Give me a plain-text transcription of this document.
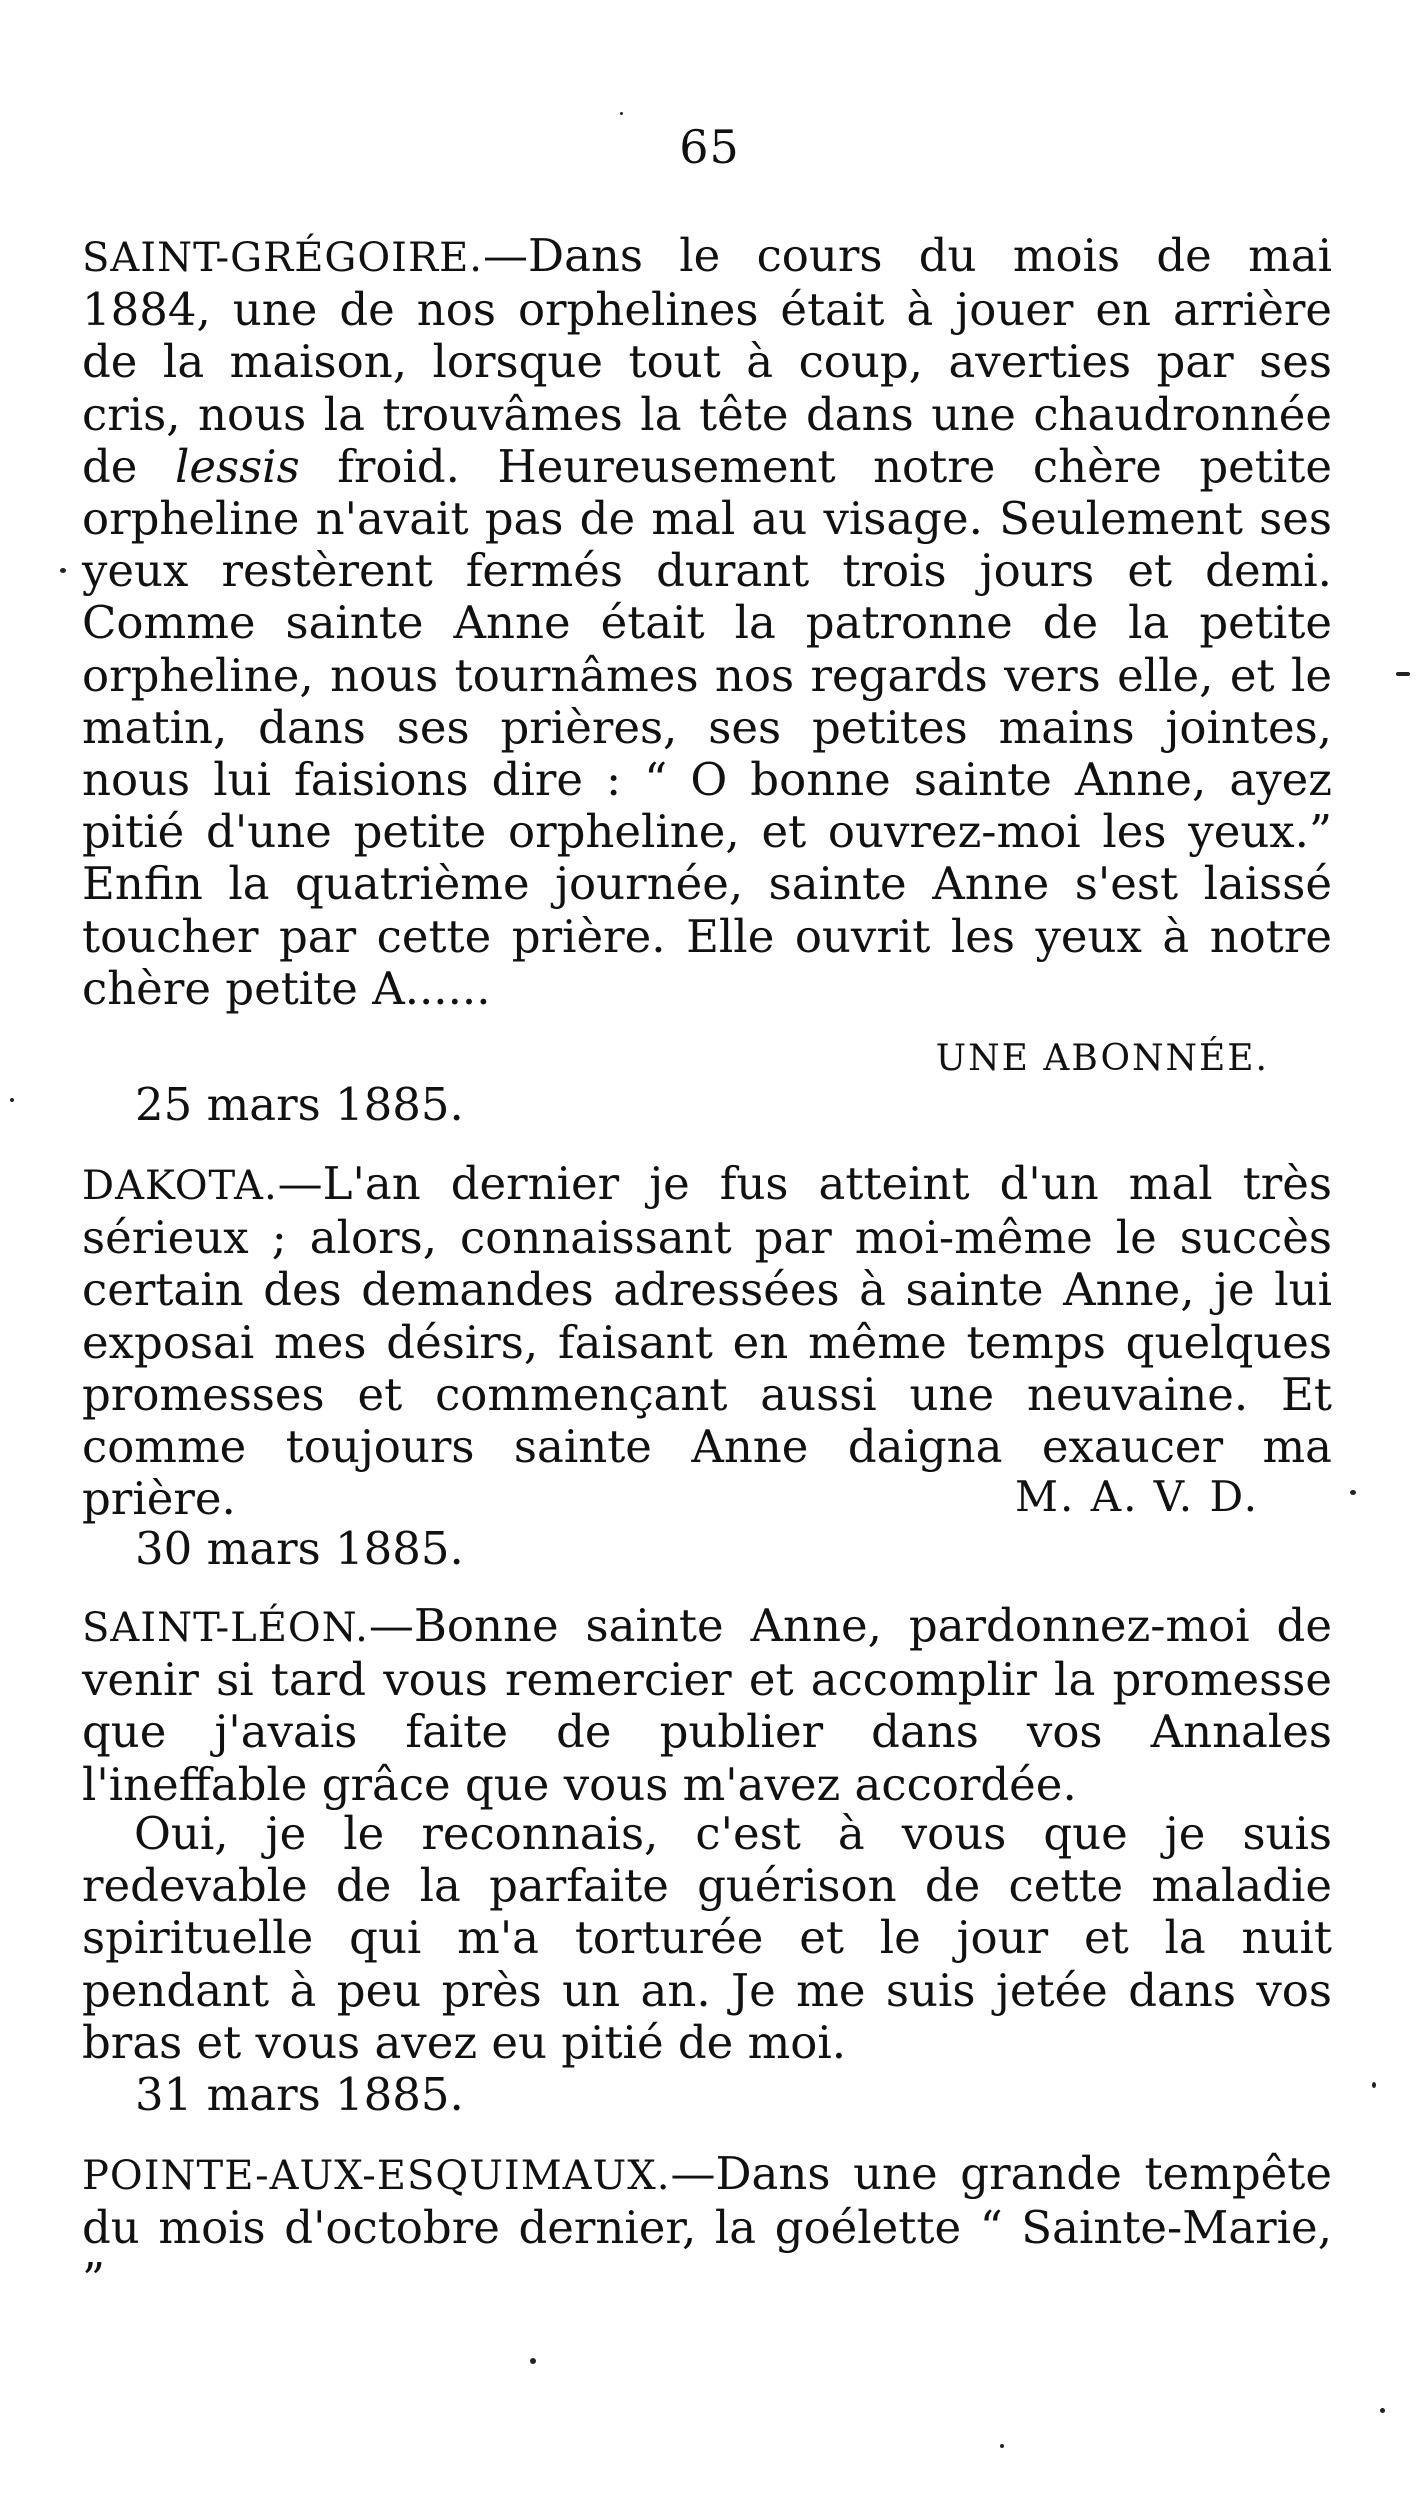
65
SAINT-GRÉGOIRE.—Dans le cours du mois de mai 1884, une de nos orphelines était à jouer en arrière de la maison, lorsque tout à coup, averties par ses cris, nous la trouvâmes la tête dans une chaudronnée de lessis froid. Heureusement notre chère petite orpheline n'avait pas de mal au visage. Seulement ses yeux restèrent fermés durant trois jours et demi. Comme sainte Anne était la patronne de la petite orpheline, nous tournâmes nos regards vers elle, et le matin, dans ses prières, ses petites mains jointes, nous lui faisions dire : “ O bonne sainte Anne, ayez pitié d'une petite orpheline, et ouvrez-moi les yeux.” Enfin la quatrième journée, sainte Anne s'est laissé toucher par cette prière. Elle ouvrit les yeux à notre chère petite A......
UNE ABONNÉE.
25 mars 1885.
DAKOTA.—L'an dernier je fus atteint d'un mal très sérieux ; alors, connaissant par moi-même le succès certain des demandes adressées à sainte Anne, je lui exposai mes désirs, faisant en même temps quelques promesses et commençant aussi une neuvaine. Et comme toujours sainte Anne daigna exaucer ma prière.	M. A. V. D.
30 mars 1885.
SAINT-LÉON.—Bonne sainte Anne, pardonnez-moi de venir si tard vous remercier et accomplir la promesse que j'avais faite de publier dans vos Annales l'ineffable grâce que vous m'avez accordée.
Oui, je le reconnais, c'est à vous que je suis redevable de la parfaite guérison de cette maladie spirituelle qui m'a torturée et le jour et la nuit pendant à peu près un an. Je me suis jetée dans vos bras et vous avez eu pitié de moi.
31 mars 1885.
POINTE-AUX-ESQUIMAUX.—Dans une grande tempête du mois d'octobre dernier, la goélette “ Sainte-Marie, ”
